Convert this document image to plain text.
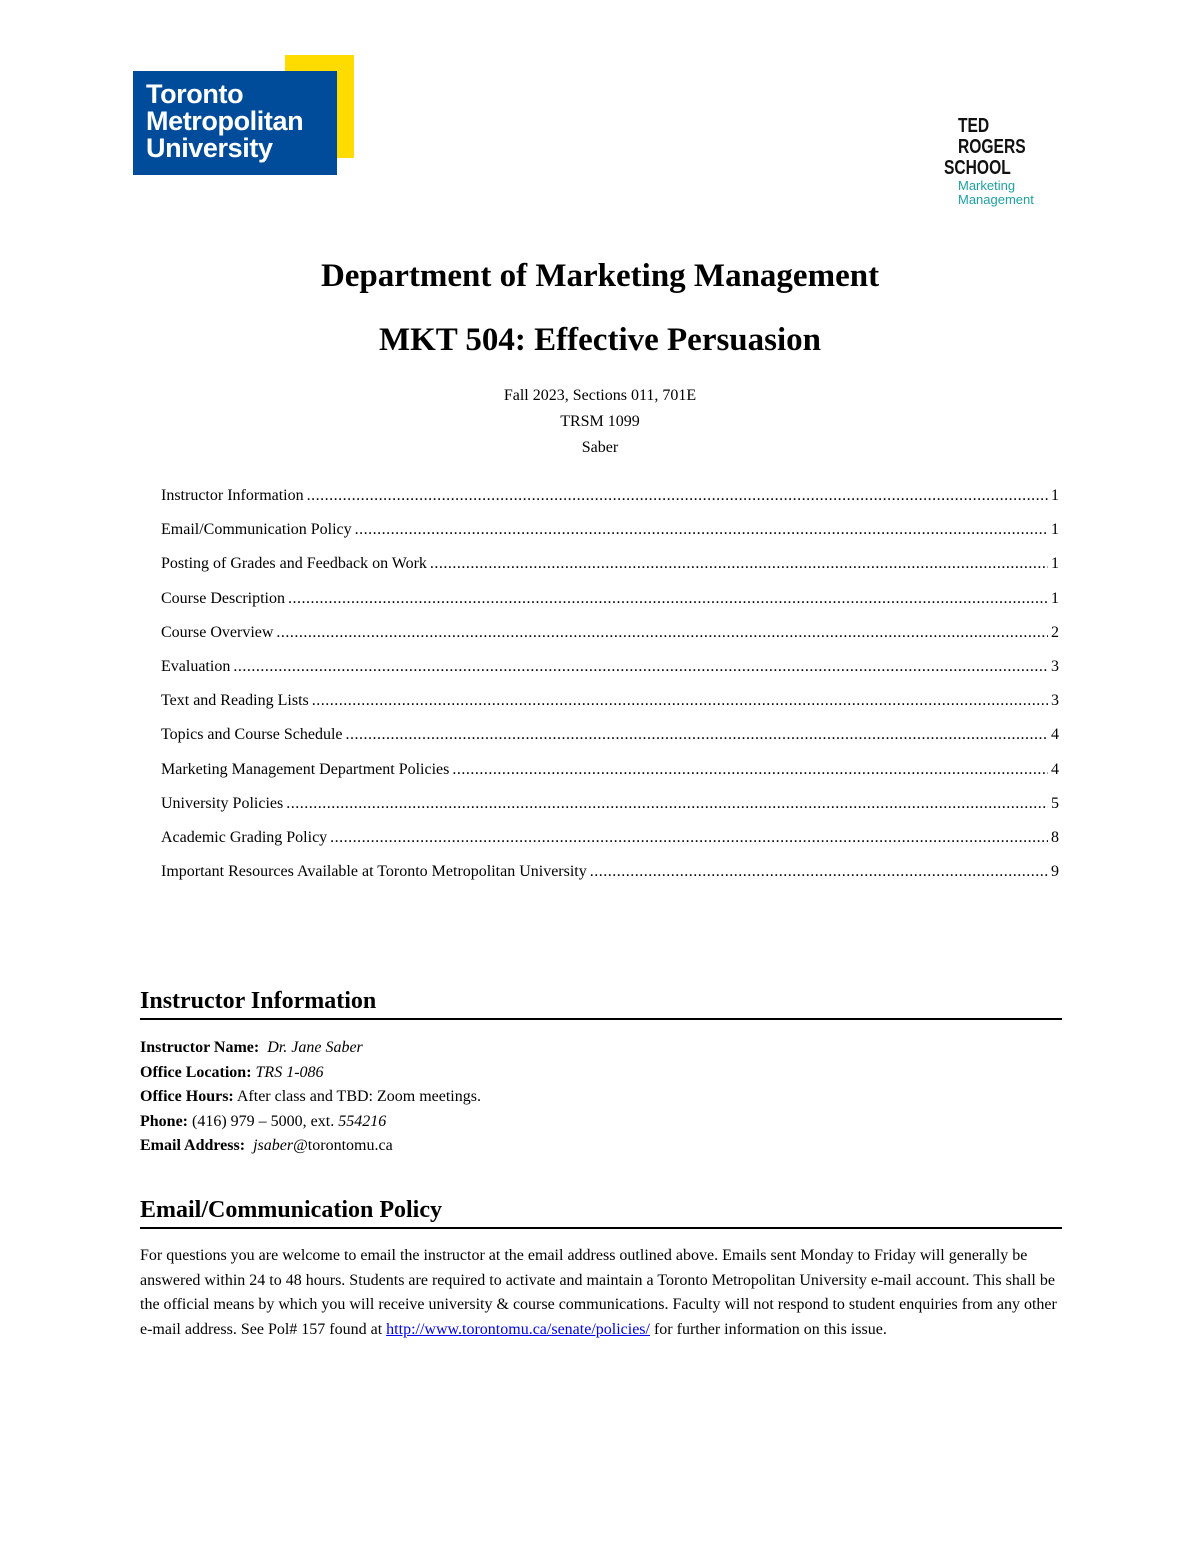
Toronto
Metropolitan
University
TED
ROGERS
SCHOOL
Marketing
Management
Department of Marketing Management
MKT 504: Effective Persuasion
Fall 2023, Sections 011, 701E
TRSM 1099
Saber
Instructor Information .....	1
Email/Communication Policy .....	1
Posting of Grades and Feedback on Work .....	1
Course Description .....	1
Course Overview .....	2
Evaluation .....	3
Text and Reading Lists .....	3
Topics and Course Schedule .....	4
Marketing Management Department Policies .....	4
University Policies .....	5
Academic Grading Policy .....	8
Important Resources Available at Toronto Metropolitan University .....	9
Instructor Information
Instructor Name: Dr. Jane Saber
Office Location: TRS 1-086
Office Hours: After class and TBD: Zoom meetings.
Phone: (416) 979 – 5000, ext. 554216
Email Address: jsaber@torontomu.ca
Email/Communication Policy
For questions you are welcome to email the instructor at the email address outlined above. Emails sent Monday to Friday will generally be answered within 24 to 48 hours. Students are required to activate and maintain a Toronto Metropolitan University e-mail account. This shall be the official means by which you will receive university & course communications. Faculty will not respond to student enquiries from any other e-mail address. See Pol# 157 found at http://www.torontomu.ca/senate/policies/ for further information on this issue.
